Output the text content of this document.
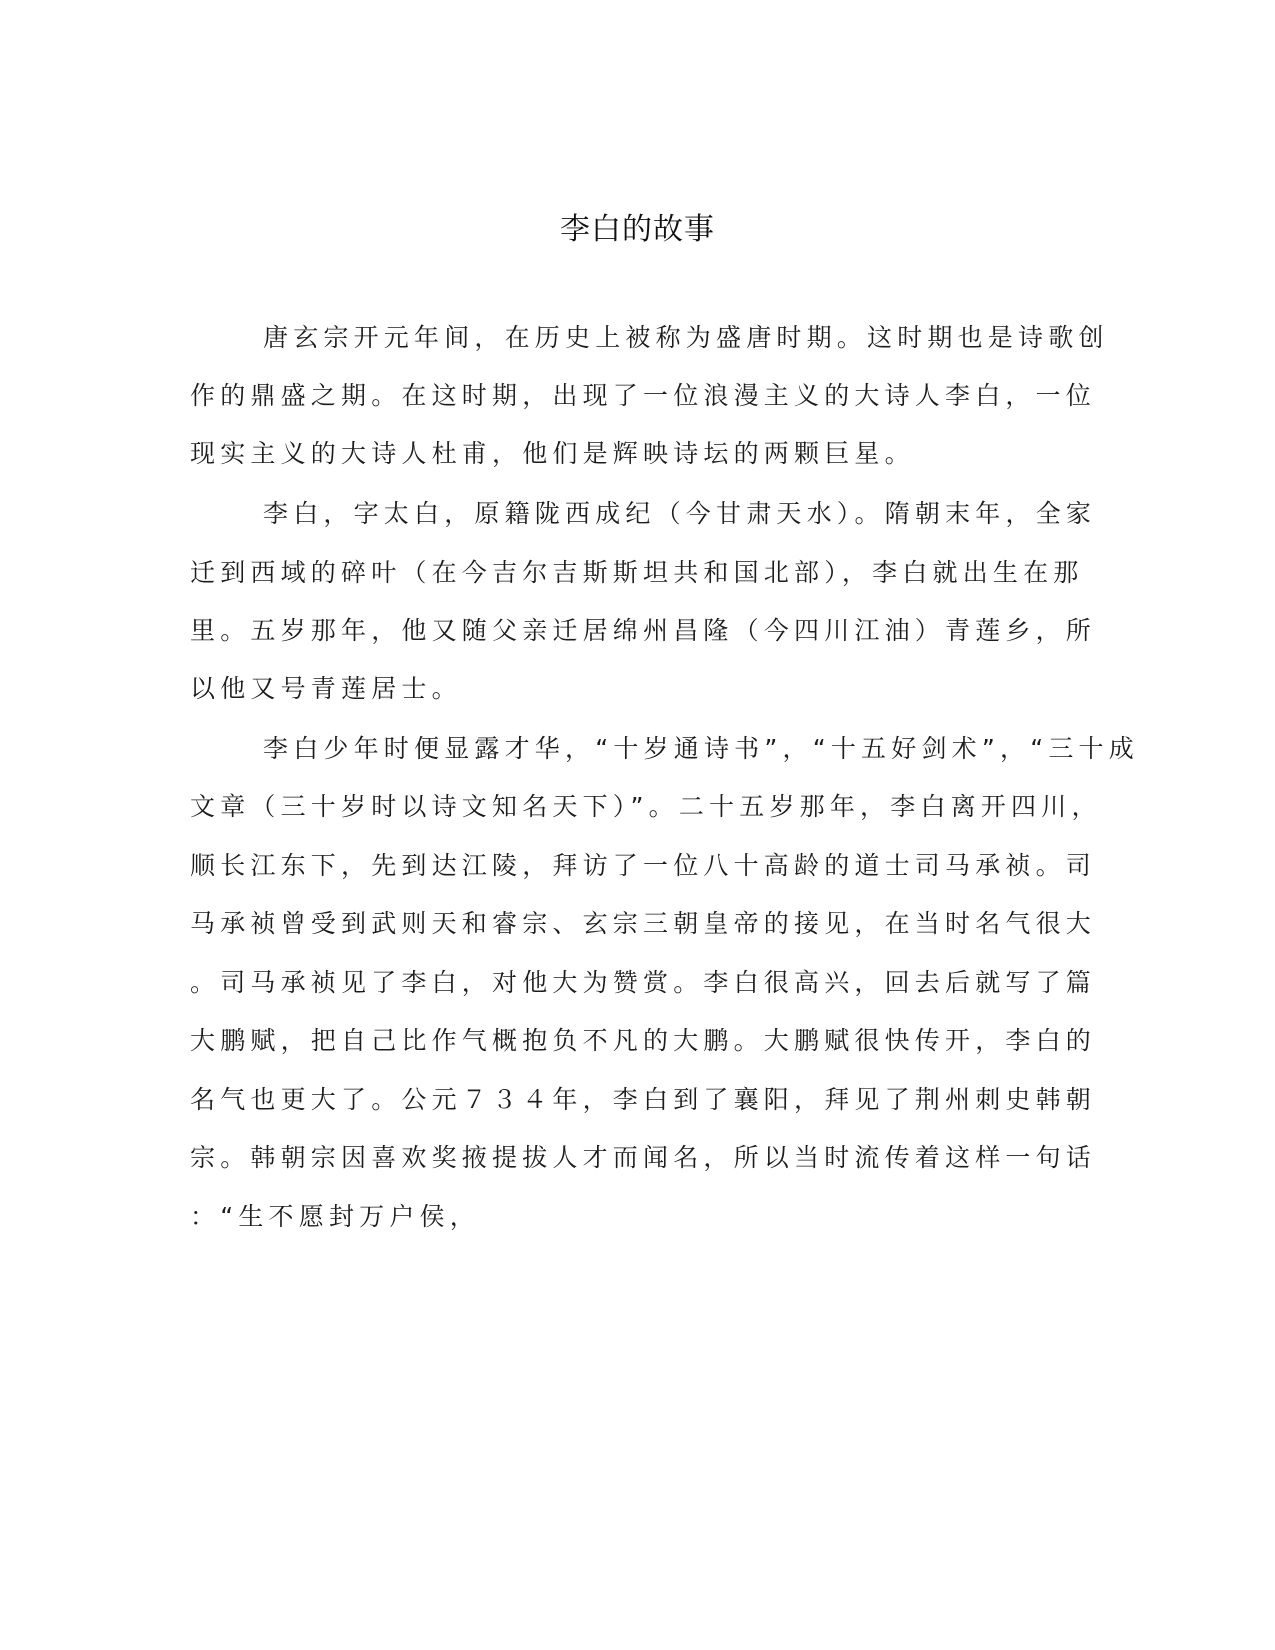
李白的故事
唐玄宗开元年间，在历史上被称为盛唐时期。这时期也是诗歌创
作的鼎盛之期。在这时期，出现了一位浪漫主义的大诗人李白，一位
现实主义的大诗人杜甫，他们是辉映诗坛的两颗巨星。
李白，字太白，原籍陇西成纪（今甘肃天水）。隋朝末年，全家
迁到西域的碎叶（在今吉尔吉斯斯坦共和国北部），李白就出生在那
里。五岁那年，他又随父亲迁居绵州昌隆（今四川江油）青莲乡，所
以他又号青莲居士。
李白少年时便显露才华，“十岁通诗书”，“十五好剑术”，“三十成
文章（三十岁时以诗文知名天下）”。二十五岁那年，李白离开四川，
顺长江东下，先到达江陵，拜访了一位八十高龄的道士司马承祯。司
马承祯曾受到武则天和睿宗、玄宗三朝皇帝的接见，在当时名气很大
。司马承祯见了李白，对他大为赞赏。李白很高兴，回去后就写了篇
大鹏赋，把自己比作气概抱负不凡的大鹏。大鹏赋很快传开，李白的
名气也更大了。公元７３４年，李白到了襄阳，拜见了荆州刺史韩朝
宗。韩朝宗因喜欢奖掖提拔人才而闻名，所以当时流传着这样一句话
：“生不愿封万户侯，
